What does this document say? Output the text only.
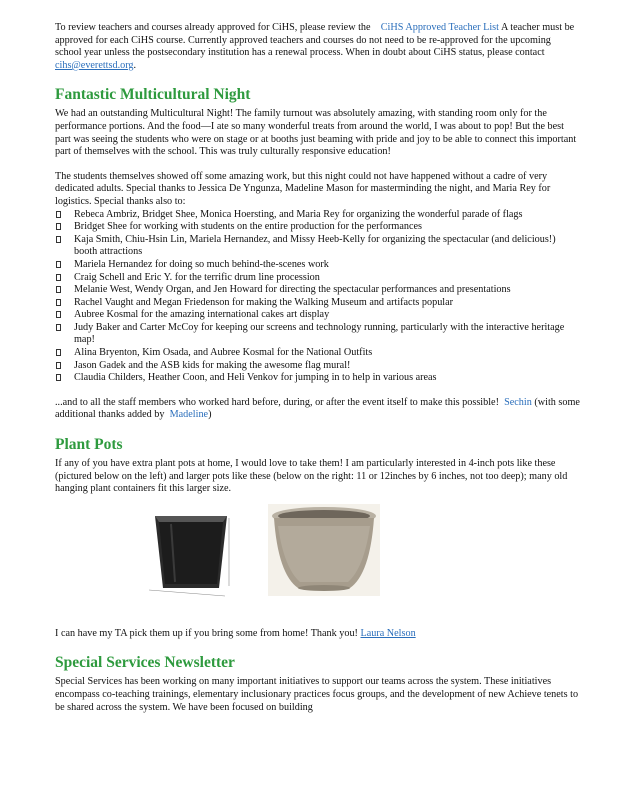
To review teachers and courses already approved for CiHS, please review the CiHS Approved Teacher List A teacher must be approved for each CiHS course. Currently approved teachers and courses do not need to be re-approved for the upcoming school year unless the postsecondary institution has a renewal process. When in doubt about CiHS status, please contact cihs@everettsd.org.

Fantastic Multicultural Night

We had an outstanding Multicultural Night! The family turnout was absolutely amazing, with standing room only for the performance portions. And the food—I ate so many wonderful treats from around the world, I was about to pop! But the best part was seeing the students who were on stage or at booths just beaming with pride and joy to be able to connect this important part of themselves with the school. This was truly culturally responsive education!

The students themselves showed off some amazing work, but this night could not have happened without a cadre of very dedicated adults. Special thanks to Jessica De Yngunza, Madeline Mason for masterminding the night, and Maria Rey for logistics. Special thanks also to:

Rebeca Ambriz, Bridget Shee, Monica Hoersting, and Maria Rey for organizing the wonderful parade of flags
Bridget Shee for working with students on the entire production for the performances
Kaja Smith, Chiu-Hsin Lin, Mariela Hernandez, and Missy Heeb-Kelly for organizing the spectacular (and delicious!) booth attractions
Mariela Hernandez for doing so much behind-the-scenes work
Craig Schell and Eric Y. for the terrific drum line procession
Melanie West, Wendy Organ, and Jen Howard for directing the spectacular performances and presentations
Rachel Vaught and Megan Friedenson for making the Walking Museum and artifacts popular
Aubree Kosmal for the amazing international cakes art display
Judy Baker and Carter McCoy for keeping our screens and technology running, particularly with the interactive heritage map!
Alina Bryenton, Kim Osada, and Aubree Kosmal for the National Outfits
Jason Gadek and the ASB kids for making the awesome flag mural!
Claudia Childers, Heather Coon, and Heli Venkov for jumping in to help in various areas

...and to all the staff members who worked hard before, during, or after the event itself to make this possible! Sechin (with some additional thanks added by Madeline)

Plant Pots

If any of you have extra plant pots at home, I would love to take them! I am particularly interested in 4-inch pots like these (pictured below on the left) and larger pots like these (below on the right: 11 or 12inches by 6 inches, not too deep); many old hanging plant containers fit this larger size.

I can have my TA pick them up if you bring some from home! Thank you! Laura Nelson

Special Services Newsletter

Special Services has been working on many important initiatives to support our teams across the system. These initiatives encompass co-teaching trainings, elementary inclusionary practices focus groups, and the development of new Achieve tenets to be shared across the system. We have been focused on building
